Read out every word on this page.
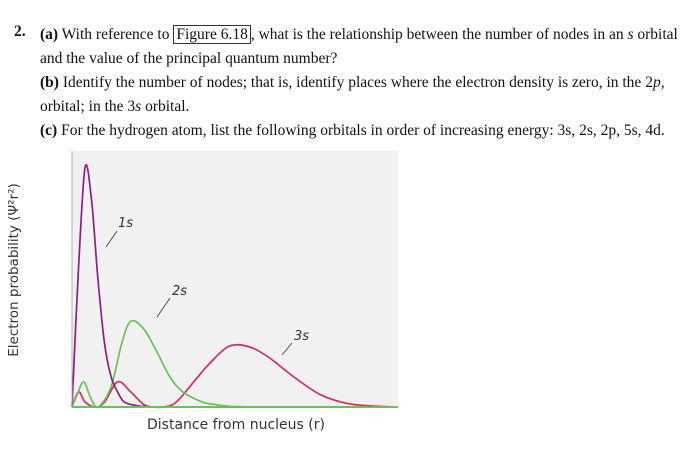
2. (a) With reference to Figure 6.18 , what is the relationship between the number of nodes in an s orbital
and the value of the principal quantum number?
(b) Identify the number of nodes; that is, identify places where the electron density is zero, in the 2p,
orbital; in the 3s orbital.
(c) For the hydrogen atom, list the following orbitals in order of increasing energy: 3s, 2s, 2p, 5s, 4d.
1s
2s
3s
Electron probability (Ψ²r²)
Distance from nucleus (r)
